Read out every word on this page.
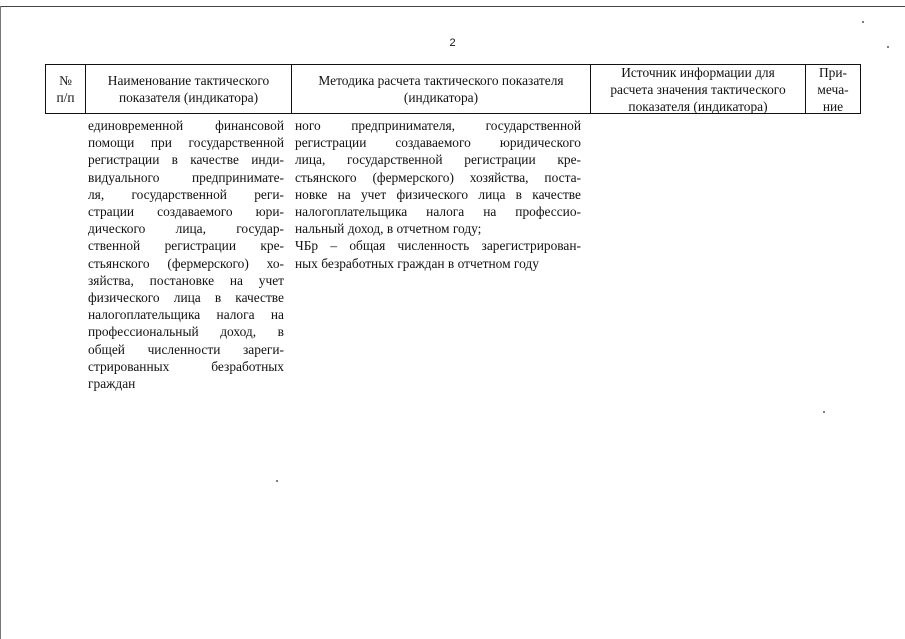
2
№
п/п
Наименование тактического
показателя (индикатора)
Методика расчета тактического показателя
(индикатора)
Источник информации для
расчета значения тактического
показателя (индикатора)
При-
меча-
ние
единовременной финансовой
помощи при государственной
регистрации в качестве инди-
видуального предпринимате-
ля, государственной реги-
страции создаваемого юри-
дического лица, государ-
ственной регистрации кре-
стьянского (фермерского) хо-
зяйства, постановке на учет
физического лица в качестве
налогоплательщика налога на
профессиональный доход, в
общей численности зареги-
стрированных безработных
граждан
ного предпринимателя, государственной
регистрации создаваемого юридического
лица, государственной регистрации кре-
стьянского (фермерского) хозяйства, поста-
новке на учет физического лица в качестве
налогоплательщика налога на профессио-
нальный доход, в отчетном году;
ЧБр – общая численность зарегистрирован-
ных безработных граждан в отчетном году
